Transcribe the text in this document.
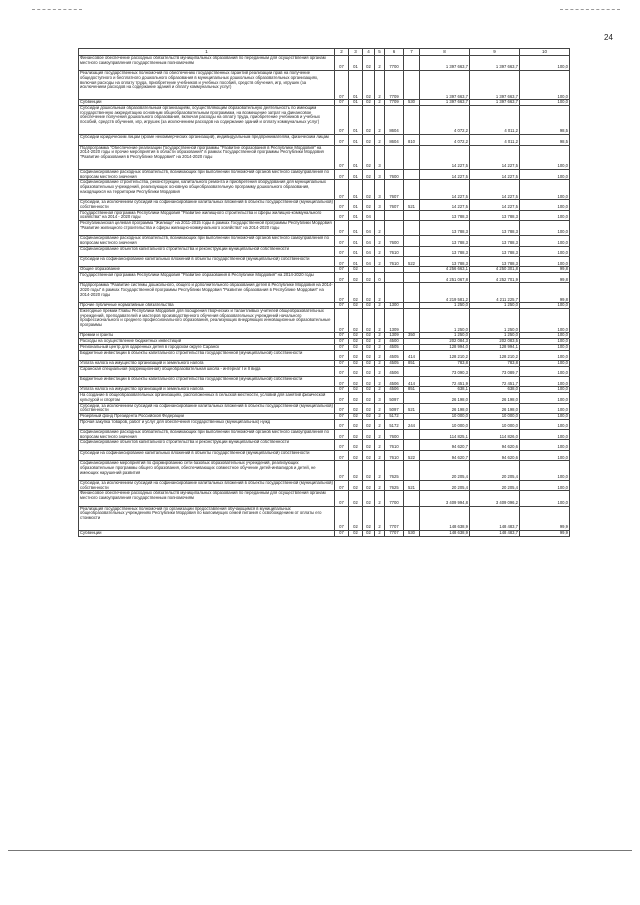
24
1	2	3	4	5	6	7	8	9	10
Финансовое обеспечение расходных обязательств муниципальных образований по переданным для осуществления органам местного самоуправления государственным полномочиям	07	01	02	2	7700		1 397 663,7	1 397 663,7	100,0
Реализация государственных полномочий по обеспечению государственных гарантий реализации прав на получение общедоступного и бесплатного дошкольного образования в муниципальных дошкольных образовательных организациях, включая расходы на оплату труда, приобретение учебников и учебных пособий, средств обучения, игр, игрушек (за исключением расходов на содержание зданий и оплату коммунальных услуг)	07	01	02	2	7709		1 397 663,7	1 397 663,7	100,0
Субвенции	07	01	02	2	7709	530	1 397 663,7	1 397 663,7	100,0
Субсидии дошкольным образовательным организациям, осуществляющим образовательную деятельность по имеющим государственную аккредитацию основным общеобразовательным программам, на возмещение затрат на финансовое обеспечение получения дошкольного образования, включая расходы на оплату труда, приобретение учебников и учебных пособий, средств обучения, игр, игрушек (за исключением расходов на содержание зданий и оплату коммунальных услуг)	07	01	02	2	8604		4 072,2	4 011,2	98,5
Субсидии юридическим лицам (кроме некоммерческих организаций), индивидуальным предпринимателям, физическим лицам	07	01	02	2	8604	810	4 072,2	4 011,2	98,5
Подпрограмма "Обеспечение реализации Государственной программы "Развитие образования в Республике Мордовия" на 2014-2020 годы и прочие мероприятия в области образования" в рамках Государственной программы Республики Мордовия "Развитие образования в Республике Мордовия" на 2014-2020 годы	07	01	02	3			14 227,5	14 227,5	100,0
Софинансирование расходных обязательств, возникающих при выполнении полномочий органов местного самоуправления по вопросам местного значения	07	01	02	3	7600		14 227,5	14 227,5	100,0
Софинансирование строительства, реконструкции, капитального ремонта и приобретения оборудования для муниципальных образовательных учреждений, реализующих основную общеобразовательную программу дошкольного образования, находящихся на территории Республики Мордовия	07	01	02	3	7607		14 227,5	14 227,5	100,0
Субсидии, за исключением субсидий на софинансирование капитальных вложений в объекты государственной (муниципальной) собственности	07	01	02	3	7607	521	14 227,5	14 227,5	100,0
Государственная программа Республики Мордовия "Развитие жилищного строительства и сферы жилищно-коммунального хозяйства" на 2014 - 2020 годы	07	01	04				13 788,3	13 788,3	100,0
Республиканская целевая программа "Жилище" на 2011-2015 годы в рамках Государственной программы Республики Мордовия "Развитие жилищного строительства и сферы жилищно-коммунального хозяйства" на 2014-2020 годы	07	01	04	2			13 788,3	13 788,3	100,0
Софинансирование расходных обязательств, возникающих при выполнении полномочий органов местного самоуправления по вопросам местного значения	07	01	04	2	7600		13 788,3	13 788,3	100,0
Софинансирование объектов капитального строительства и реконструкции муниципальной собственности	07	01	04	2	7610		13 788,3	13 788,3	100,0
Субсидии на софинансирование капитальных вложений в объекты государственной (муниципальной) собственности	07	01	04	2	7610	522	13 788,3	13 788,3	100,0
Общее образование	07	02					4 256 663,1	4 250 301,8	99,8
Государственная программа Республики Мордовия "Развитие образования в Республике Мордовия" на 2014-2020 годы	07	02	02	0			4 251 067,8	4 252 701,9	99,8
Подпрограмма "Развитие системы дошкольного, общего и дополнительного образования детей в Республике Мордовия на 2014-2020 годы" в рамках Государственной программы Республики Мордовия "Развитие образования в Республике Мордовия" на 2014-2020 годы	07	02	02	2			4 219 581,2	4 211 225,7	99,8
Прочие публичные нормативные обязательства	07	02	02	2	1300		1 250,0	1 250,0	100,0
Ежегодные премии Главы Республики Мордовия для поощрения творческих и талантливых учителей общеобразовательных учреждений, преподавателей и мастеров производственного обучения образовательных учреждений начального профессионального и среднего профессионального образования, реализующих внедряющих инновационные образовательные программы	07	02	02	2	1309		1 250,0	1 250,0	100,0
Премии и гранты	07	02	02	2	1309	350	1 250,0	1 250,0	100,0
Расходы на осуществление бюджетных инвестиций	07	02	02	2	4500		202 084,3	202 083,5	100,0
Региональный центр для одаренных детей в городском округе Саранск	07	02	02	2	4505		128 994,0	128 994,1	100,0
Бюджетные инвестиции в объекты капитального строительства государственной (муниципальной) собственности	07	02	02	2	4505	414	128 210,2	128 210,2	100,0
Уплата налога на имущество организаций и земельного налога	07	02	02	2	4505	851	783,8	783,8	100,0
Саранская специальная (коррекционная) общеобразовательная школа - интернат I и II вида	07	02	02	2	4506		73 090,3	73 089,7	100,0
Бюджетные инвестиции в объекты капитального строительства государственной (муниципальной) собственности	07	02	02	2	4506	414	72 451,9	72 451,7	100,0
Уплата налога на имущество организаций и земельного налога	07	02	02	2	4506	851	638,1	638,0	100,0
На создание в общеобразовательных организациях, расположенных в сельской местности, условий для занятий физической культурой и спортом	07	02	02	3	5097		26 198,0	26 198,0	100,0
Субсидии, за исключением субсидий на софинансирование капитальных вложений в объекты государственной (муниципальной) собственности	07	02	02	2	5097	521	26 198,0	26 198,0	100,0
Резервный фонд Президента Российской Федерации	07	02	02	2	5172		10 000,0	10 000,0	100,0
Прочая закупка товаров, работ и услуг для обеспечения государственных (муниципальных) нужд	07	02	02	2	5172	244	10 000,0	10 000,0	100,0
Софинансирование расходных обязательств, возникающих при выполнении полномочий органов местного самоуправления по вопросам местного значения	07	02	02	2	7600		114 825,1	114 826,0	100,0
Софинансирование объектов капитального строительства и реконструкции муниципальной собственности	07	02	02	2	7610		94 620,7	94 620,6	100,0
Субсидии на софинансирование капитальных вложений в объекты государственной (муниципальной) собственности	07	02	02	2	7610	522	94 620,7	94 620,6	100,0
Софинансирование мероприятий по формированию сети базовых образовательных учреждений, реализующих образовательные программы общего образования, обеспечивающих совместное обучение детей-инвалидов и детей, не имеющих нарушений развития	07	02	02	2	7625		20 205,4	20 205,4	100,0
Субсидии, за исключением субсидий на софинансирование капитальных вложений в объекты государственной (муниципальной) собственности	07	02	02	2	7625	521	20 205,4	20 205,4	100,0
Финансовое обеспечение расходных обязательств муниципальных образований по переданным для осуществления органам местного самоуправления государственным полномочиям	07	02	02	2	7700		3 409 994,8	3 409 096,2	100,0
Реализация государственных полномочий по организации предоставления обучающимся в муниципальных общеобразовательных учреждениях Республики Мордовия по малоимущих семей питания с освобождением от оплаты его стоимости	07	02	02	2	7707		148 638,9	148 483,7	99,9
Субвенции	07	02	02	2	7707	530	148 638,9	148 483,7	99,9
